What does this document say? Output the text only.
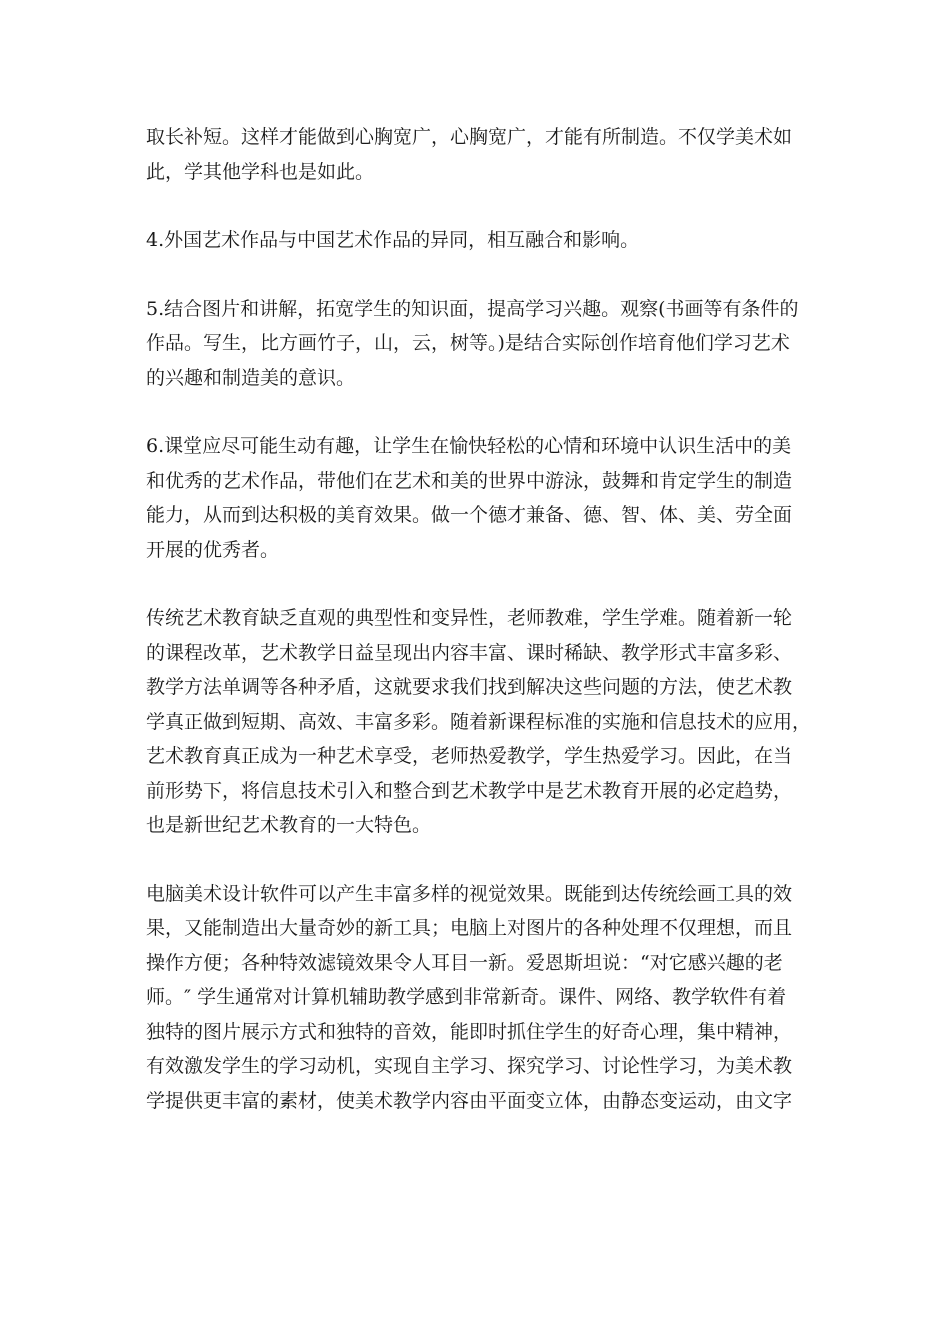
取长补短。这样才能做到心胸宽广，心胸宽广，才能有所制造。不仅学美术如
此，学其他学科也是如此。

4.外国艺术作品与中国艺术作品的异同，相互融合和影响。

5.结合图片和讲解，拓宽学生的知识面，提高学习兴趣。观察(书画等有条件的
作品。写生，比方画竹子，山，云，树等。)是结合实际创作培育他们学习艺术
的兴趣和制造美的意识。

6.课堂应尽可能生动有趣，让学生在愉快轻松的心情和环境中认识生活中的美
和优秀的艺术作品，带他们在艺术和美的世界中游泳，鼓舞和肯定学生的制造
能力，从而到达积极的美育效果。做一个德才兼备、德、智、体、美、劳全面
开展的优秀者。

传统艺术教育缺乏直观的典型性和变异性，老师教难，学生学难。随着新一轮
的课程改革，艺术教学日益呈现出内容丰富、课时稀缺、教学形式丰富多彩、
教学方法单调等各种矛盾，这就要求我们找到解决这些问题的方法，使艺术教
学真正做到短期、高效、丰富多彩。随着新课程标准的实施和信息技术的应用，
艺术教育真正成为一种艺术享受，老师热爱教学，学生热爱学习。因此，在当
前形势下，将信息技术引入和整合到艺术教学中是艺术教育开展的必定趋势，
也是新世纪艺术教育的一大特色。

电脑美术设计软件可以产生丰富多样的视觉效果。既能到达传统绘画工具的效
果，又能制造出大量奇妙的新工具；电脑上对图片的各种处理不仅理想，而且
操作方便；各种特效滤镜效果令人耳目一新。爱恩斯坦说：“对它感兴趣的老
师。″ 学生通常对计算机辅助教学感到非常新奇。课件、网络、教学软件有着
独特的图片展示方式和独特的音效，能即时抓住学生的好奇心理，集中精神，
有效激发学生的学习动机，实现自主学习、探究学习、讨论性学习，为美术教
学提供更丰富的素材，使美术教学内容由平面变立体，由静态变运动，由文字
